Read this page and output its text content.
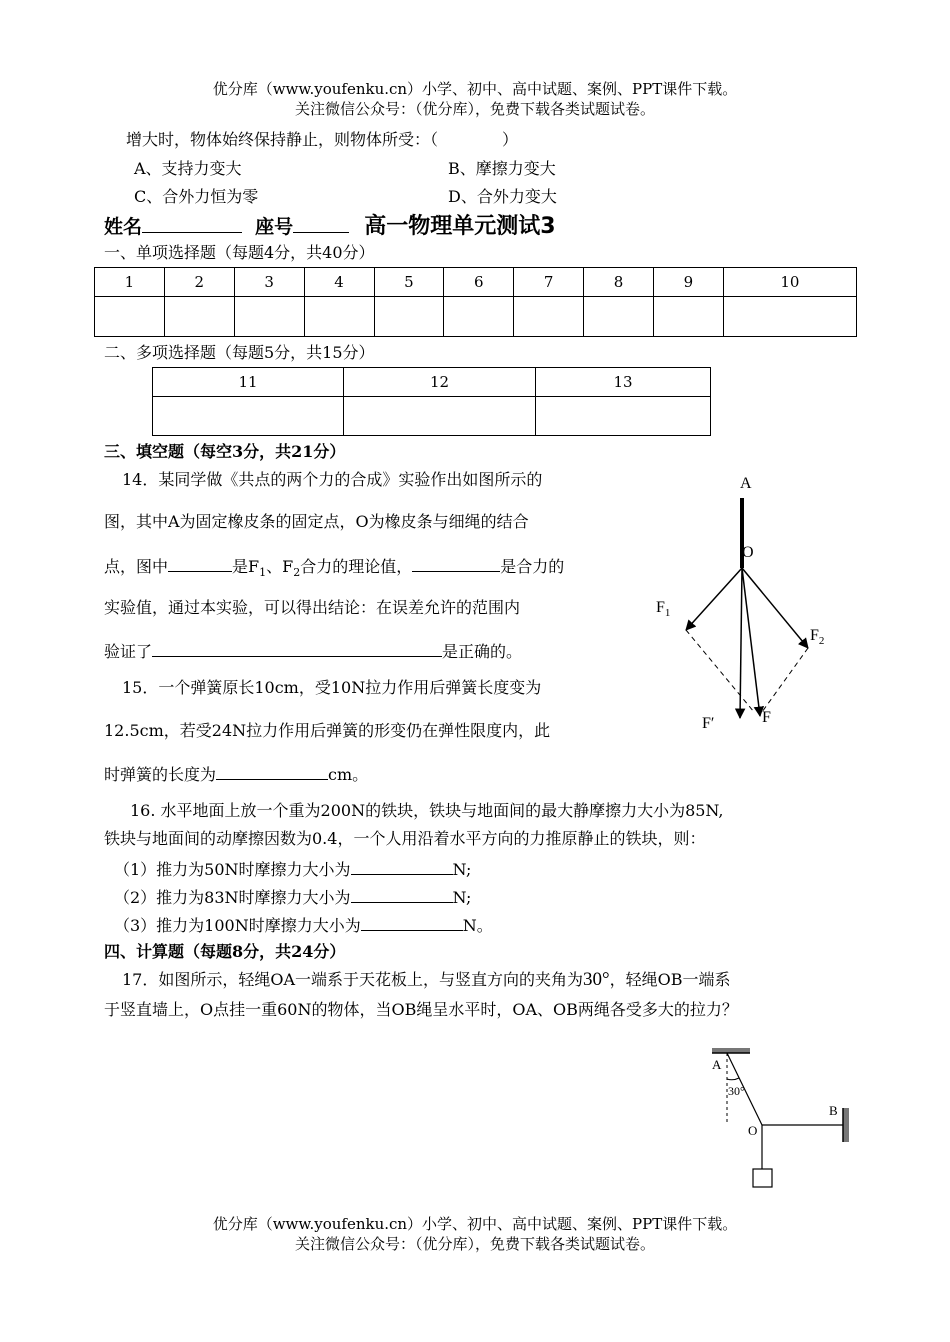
优分库（www.youfenku.cn）小学、初中、高中试题、案例、PPT课件下载。
关注微信公众号：（优分库），免费下载各类试题试卷。
增大时，物体始终保持静止，则物体所受：（　　　　）
A、支持力变大	B、摩擦力变大
C、合外力恒为零	D、合外力变大
姓名	座号	高一物理单元测试3
一、单项选择题（每题4分，共40分）
1	2	3	4	5	6	7	8	9	10

二、多项选择题（每题5分，共15分）
11	12	13

三、填空题（每空3分，共21分）
14．某同学做《共点的两个力的合成》实验作出如图所示的
图，其中A为固定橡皮条的固定点，O为橡皮条与细绳的结合
点，图中	是$F_1$、$F_2$合力的理论值，	是合力的
实验值，通过本实验，可以得出结论：在误差允许的范围内
验证了	是正确的。
15．一个弹簧原长10cm，受10N拉力作用后弹簧长度变为
12.5cm，若受24N拉力作用后弹簧的形变仍在弹性限度内，此
时弹簧的长度为	cm。
16. 水平地面上放一个重为200N的铁块，铁块与地面间的最大静摩擦力大小为85N,
铁块与地面间的动摩擦因数为0.4，一个人用沿着水平方向的力推原静止的铁块，则：
（1）推力为50N时摩擦力大小为	N;
（2）推力为83N时摩擦力大小为	N;
（3）推力为100N时摩擦力大小为	N。
A
O
$F_1$
$F_2$
F′	F
四、计算题（每题8分，共24分）
17．如图所示，轻绳OA一端系于天花板上，与竖直方向的夹角为30°，轻绳OB一端系
于竖直墙上，O点挂一重60N的物体，当OB绳呈水平时，OA、OB两绳各受多大的拉力？
A
30°
B
O
优分库（www.youfenku.cn）小学、初中、高中试题、案例、PPT课件下载。
关注微信公众号：（优分库），免费下载各类试题试卷。
